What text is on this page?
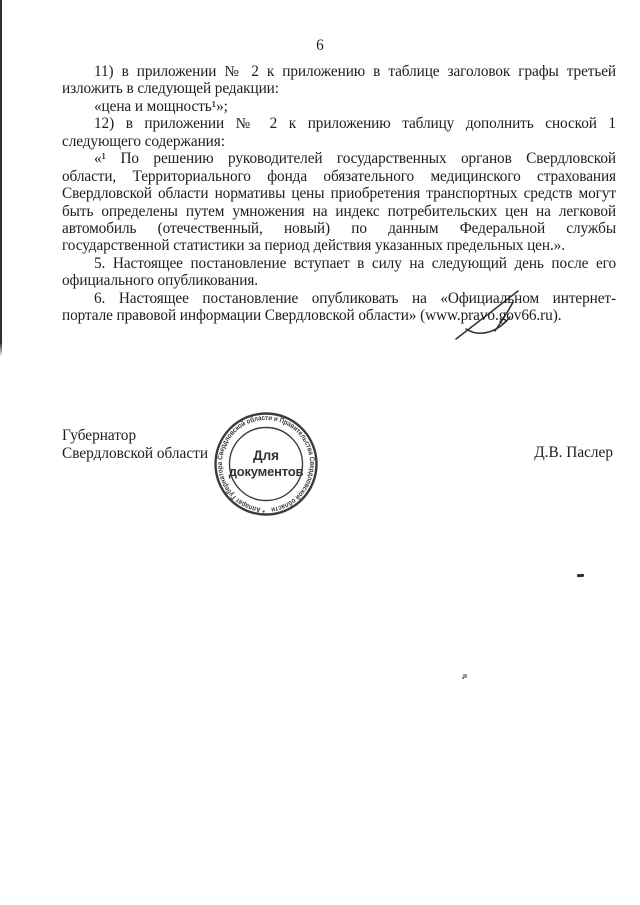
6
11) в приложении № 2 к приложению в таблице заголовок графы третьей
изложить в следующей редакции:
«цена и мощность¹»;
12) в приложении № 2 к приложению таблицу дополнить сноской 1
следующего содержания:
«¹ По решению руководителей государственных органов Свердловской
области, Территориального фонда обязательного медицинского страхования
Свердловской области нормативы цены приобретения транспортных средств могут
быть определены путем умножения на индекс потребительских цен на легковой
автомобиль (отечественный, новый) по данным Федеральной службы
государственной статистики за период действия указанных предельных цен.».
5. Настоящее постановление вступает в силу на следующий день после его
официального опубликования.
6. Настоящее постановление опубликовать на «Официальном интернет-
портале правовой информации Свердловской области» (www.pravo.gov66.ru).
Губернатор
Свердловской области	Д.В. Паслер
* Аппарат Губернатора Свердловской области и Правительства Свердловской области
Для
документов
